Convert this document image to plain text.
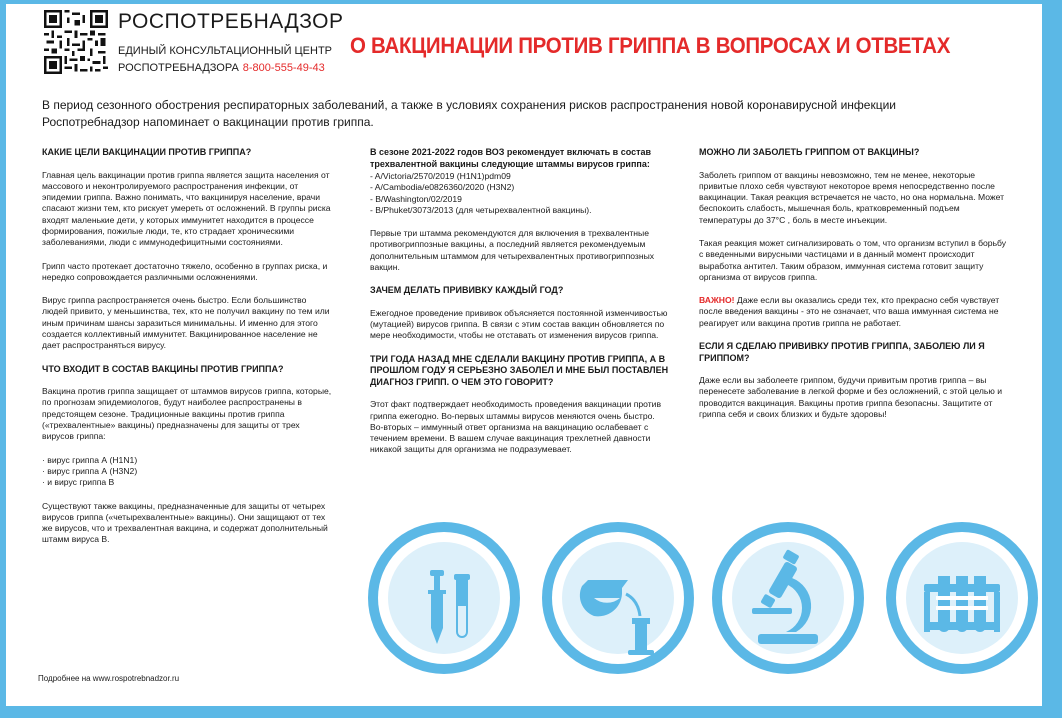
РОСПОТРЕБНАДЗОР
ЕДИНЫЙ КОНСУЛЬТАЦИОННЫЙ ЦЕНТР
РОСПОТРЕБНАДЗОРА 8-800-555-49-43
О ВАКЦИНАЦИИ ПРОТИВ ГРИППА В ВОПРОСАХ И ОТВЕТАХ
В период сезонного обострения респираторных заболеваний, а также в условиях сохранения рисков распространения новой коронавирусной инфекции Роспотребнадзор напоминает о вакцинации против гриппа.
КАКИЕ ЦЕЛИ ВАКЦИНАЦИИ ПРОТИВ ГРИППА?

Главная цель вакцинации против гриппа является защита населения от массового и неконтролируемого распространения инфекции, от эпидемии гриппа. Важно понимать, что вакцинируя население, врачи спасают жизни тем, кто рискует умереть от осложнений. В группы риска входят маленькие дети, у которых иммунитет находится в процессе формирования, пожилые люди, те, кто страдает хроническими заболеваниями, люди с иммунодефицитными состояниями.

Грипп часто протекает достаточно тяжело, особенно в группах риска, и нередко сопровождается различными осложнениями.

Вирус гриппа распространяется очень быстро. Если большинство людей привито, у меньшинства, тех, кто не получил вакцину по тем или иным причинам шансы заразиться минимальны. И именно для этого создается коллективный иммунитет. Вакцинированное население не дает распространяться вирусу.

ЧТО ВХОДИТ В СОСТАВ ВАКЦИНЫ ПРОТИВ ГРИППА?

Вакцина против гриппа защищает от штаммов вирусов гриппа, которые, по прогнозам эпидемиологов, будут наиболее распространены в предстоящем сезоне. Традиционные вакцины против гриппа («трехвалентные» вакцины) предназначены для защиты от трех вирусов гриппа:

· вирус гриппа А (H1N1)
· вирус гриппа А (H3N2)
· и вирус гриппа В

Существуют также вакцины, предназначенные для защиты от четырех вирусов гриппа («четырехвалентные» вакцины). Они защищают от тех же вирусов, что и трехвалентная вакцина, и содержат дополнительный штамм вируса В.

В сезоне 2021-2022 годов ВОЗ рекомендует включать в состав трехвалентной вакцины следующие штаммы вирусов гриппа:
- A/Victoria/2570/2019 (H1N1)pdm09
- A/Cambodia/e0826360/2020 (H3N2)
- B/Washington/02/2019
- B/Phuket/3073/2013 (для четырехвалентной вакцины).

Первые три штамма рекомендуются для включения в трехвалентные противогриппозные вакцины, а последний является рекомендуемым дополнительным штаммом для четырехвалентных противогриппозных вакцин.

ЗАЧЕМ ДЕЛАТЬ ПРИВИВКУ КАЖДЫЙ ГОД?

Ежегодное проведение прививок объясняется постоянной изменчивостью (мутацией) вирусов гриппа. В связи с этим состав вакцин обновляется по мере необходимости, чтобы не отставать от изменения вирусов гриппа.

ТРИ ГОДА НАЗАД МНЕ СДЕЛАЛИ ВАКЦИНУ ПРОТИВ ГРИППА, А В ПРОШЛОМ ГОДУ Я СЕРЬЕЗНО ЗАБОЛЕЛ И МНЕ БЫЛ ПОСТАВЛЕН ДИАГНОЗ ГРИПП. О ЧЕМ ЭТО ГОВОРИТ?

Этот факт подтверждает необходимость проведения вакцинации против гриппа ежегодно. Во-первых штаммы вирусов меняются очень быстро. Во-вторых – иммунный ответ организма на вакцинацию ослабевает с течением времени. В вашем случае вакцинация трехлетней давности никакой защиты для организма не подразумевает.

МОЖНО ЛИ ЗАБОЛЕТЬ ГРИППОМ ОТ ВАКЦИНЫ?

Заболеть гриппом от вакцины невозможно, тем не менее, некоторые привитые плохо себя чувствуют некоторое время непосредственно после вакцинации. Такая реакция встречается не часто, но она нормальна. Может беспокоить слабость, мышечная боль, кратковременный подъем температуры до 37°С , боль в месте инъекции.

Такая реакция может сигнализировать о том, что организм вступил в борьбу с введенными вирусными частицами и в данный момент происходит выработка антител. Таким образом, иммунная система готовит защиту организма от вирусов гриппа.

ВАЖНО! Даже если вы оказались среди тех, кто прекрасно себя чувствует после введения вакцины - это не означает, что ваша иммунная система не реагирует или вакцина против гриппа не работает.

ЕСЛИ Я СДЕЛАЮ ПРИВИВКУ ПРОТИВ ГРИППА, ЗАБОЛЕЮ ЛИ Я ГРИППОМ?

Даже если вы заболеете гриппом, будучи привитым против гриппа – вы перенесете заболевание в легкой форме и без осложнений, с этой целью и проводится вакцинация. Вакцины против гриппа безопасны. Защитите от гриппа себя и своих близких и будьте здоровы!

Подробнее на www.rospotrebnadzor.ru
